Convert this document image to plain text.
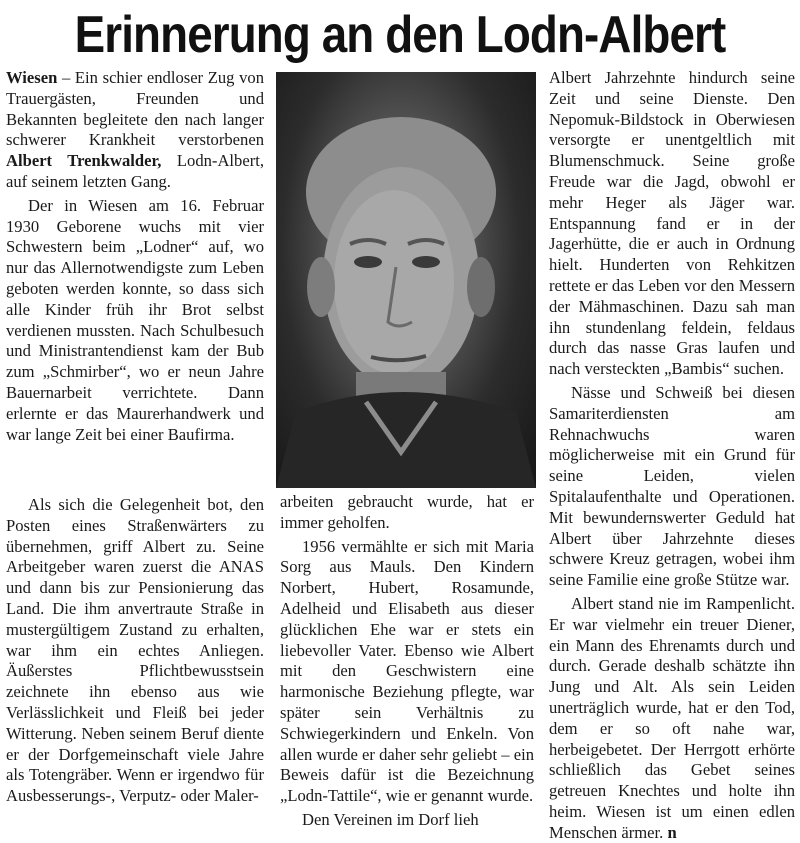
Erinnerung an den Lodn-Albert

Wiesen – Ein schier endloser Zug von Trauergästen, Freunden und Bekannten begleitete den nach langer schwerer Krankheit verstorbenen Albert Trenkwalder, Lodn-Albert, auf seinem letzten Gang.

Der in Wiesen am 16. Februar 1930 Geborene wuchs mit vier Schwestern beim „Lodner“ auf, wo nur das Allernotwendigste zum Leben geboten werden konnte, so dass sich alle Kinder früh ihr Brot selbst verdienen mussten. Nach Schulbesuch und Ministrantendienst kam der Bub zum „Schmirber“, wo er neun Jahre Bauernarbeit verrichtete. Dann erlernte er das Maurerhandwerk und war lange Zeit bei einer Baufirma.

Als sich die Gelegenheit bot, den Posten eines Straßenwärters zu übernehmen, griff Albert zu. Seine Arbeitgeber waren zuerst die ANAS und dann bis zur Pensionierung das Land. Die ihm anvertraute Straße in mustergültigem Zustand zu erhalten, war ihm ein echtes Anliegen. Äußerstes Pflichtbewusstsein zeichnete ihn ebenso aus wie Verlässlichkeit und Fleiß bei jeder Witterung. Neben seinem Beruf diente er der Dorfgemeinschaft viele Jahre als Totengräber. Wenn er irgendwo für Ausbesserungs-, Verputz- oder Maler-

arbeiten gebraucht wurde, hat er immer geholfen.

1956 vermählte er sich mit Maria Sorg aus Mauls. Den Kindern Norbert, Hubert, Rosamunde, Adelheid und Elisabeth aus dieser glücklichen Ehe war er stets ein liebevoller Vater. Ebenso wie Albert mit den Geschwistern eine harmonische Beziehung pflegte, war später sein Verhältnis zu Schwiegerkindern und Enkeln. Von allen wurde er daher sehr geliebt – ein Beweis dafür ist die Bezeichnung „Lodn-Tattile“, wie er genannt wurde.

Den Vereinen im Dorf lieh

Albert Jahrzehnte hindurch seine Zeit und seine Dienste. Den Nepomuk-Bildstock in Oberwiesen versorgte er unentgeltlich mit Blumenschmuck. Seine große Freude war die Jagd, obwohl er mehr Heger als Jäger war. Entspannung fand er in der Jagerhütte, die er auch in Ordnung hielt. Hunderten von Rehkitzen rettete er das Leben vor den Messern der Mähmaschinen. Dazu sah man ihn stundenlang feldein, feldaus durch das nasse Gras laufen und nach versteckten „Bambis“ suchen.

Nässe und Schweiß bei diesen Samariterdiensten am Rehnachwuchs waren möglicherweise mit ein Grund für seine Leiden, vielen Spitalaufenthalte und Operationen. Mit bewundernswerter Geduld hat Albert über Jahrzehnte dieses schwere Kreuz getragen, wobei ihm seine Familie eine große Stütze war.

Albert stand nie im Rampenlicht. Er war vielmehr ein treuer Diener, ein Mann des Ehrenamts durch und durch. Gerade deshalb schätzte ihn Jung und Alt. Als sein Leiden unerträglich wurde, hat er den Tod, dem er so oft nahe war, herbeigebetet. Der Herrgott erhörte schließlich das Gebet seines getreuen Knechtes und holte ihn heim. Wiesen ist um einen edlen Menschen ärmer. n
